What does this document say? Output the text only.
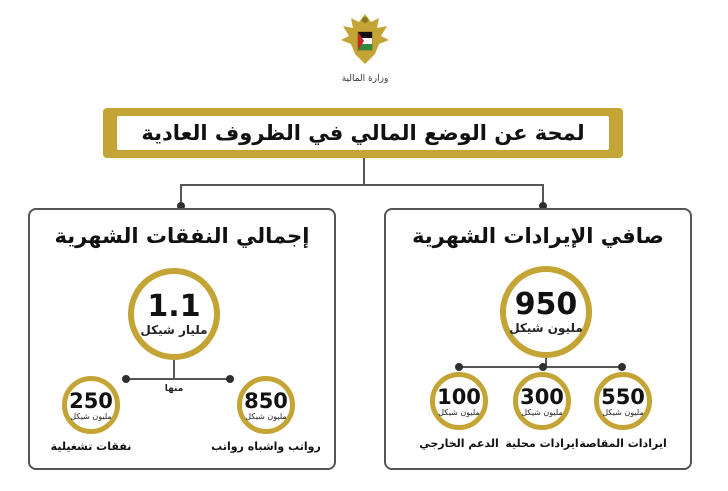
وزارة المالية
لمحة عن الوضع المالي في الظروف العادية
صافي الإيرادات الشهرية
950
مليون شيكل
550
مليون شيكل
ايرادات المقاصة
300
مليون شيكل
ايرادات محلية
100
مليون شيكل
الدعم الخارجي
إجمالي النفقات الشهرية
1.1
مليار شيكل
منها	850
مليون شيكل
رواتب واشباه رواتب
250
مليون شيكل
نفقات تشغيلية
